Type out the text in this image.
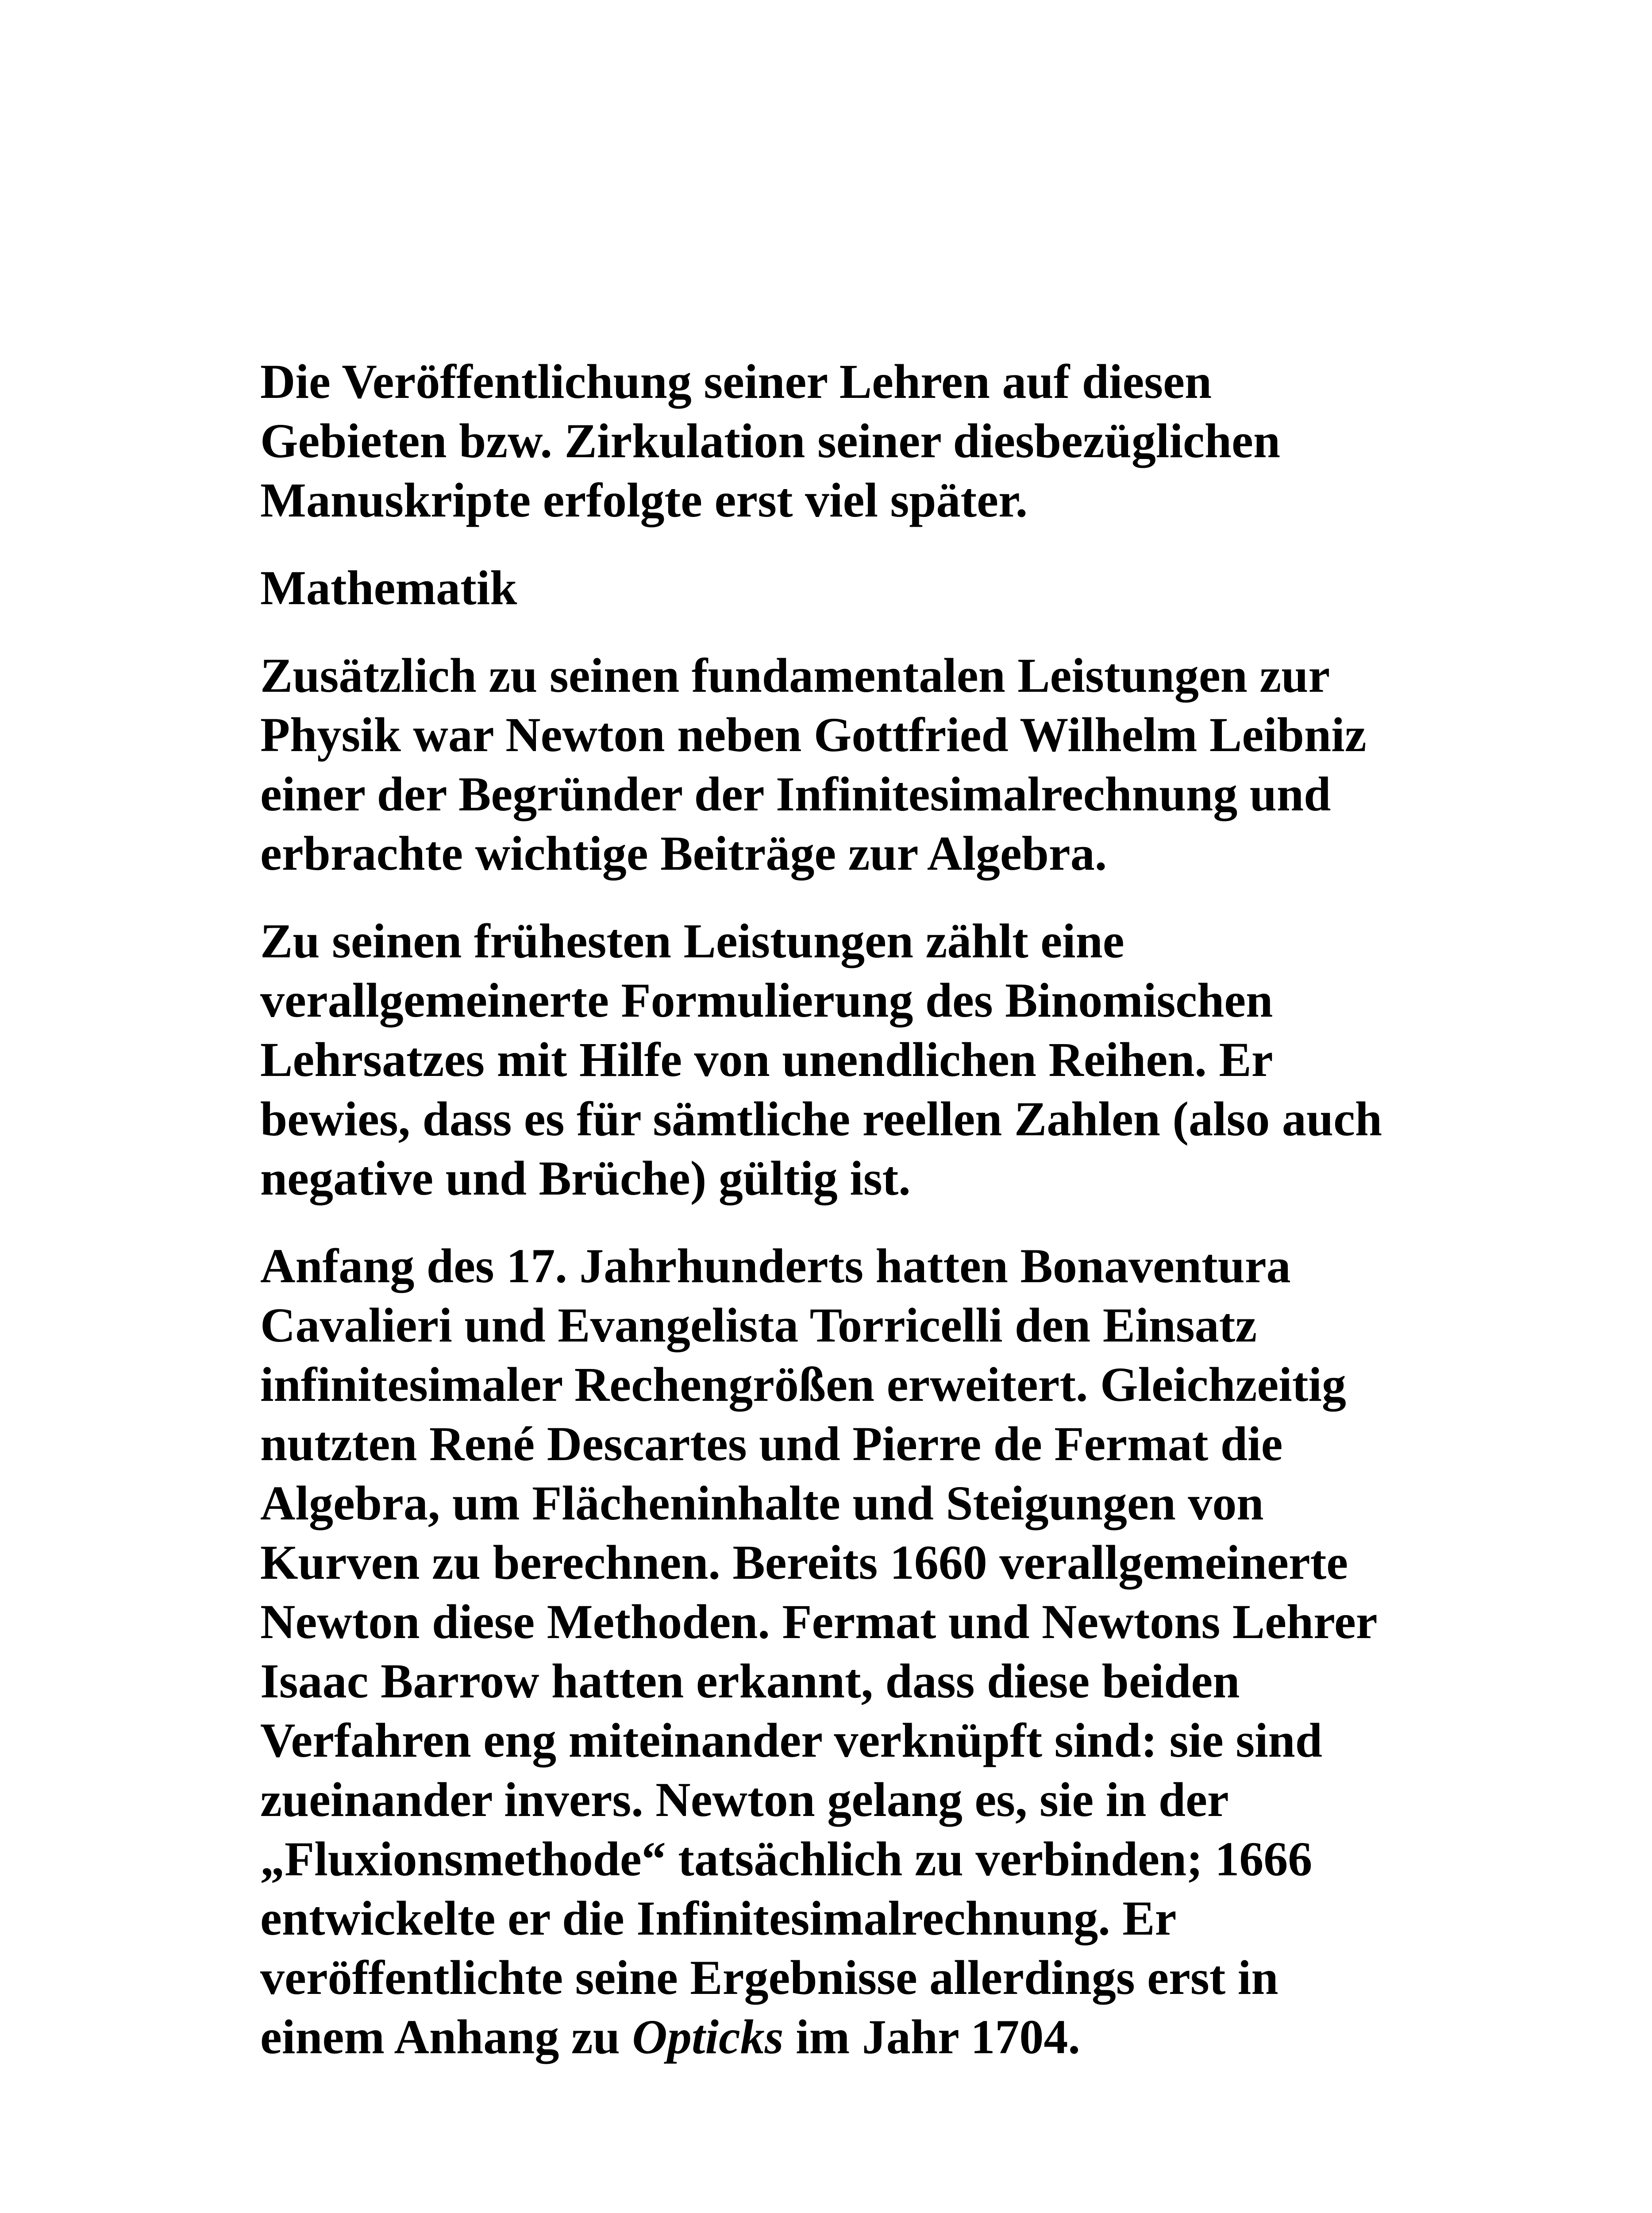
Die Veröffentlichung seiner Lehren auf diesen
Gebieten bzw. Zirkulation seiner diesbezüglichen
Manuskripte erfolgte erst viel später.
Mathematik
Zusätzlich zu seinen fundamentalen Leistungen zur
Physik war Newton neben Gottfried Wilhelm Leibniz
einer der Begründer der Infinitesimalrechnung und
erbrachte wichtige Beiträge zur Algebra.
Zu seinen frühesten Leistungen zählt eine
verallgemeinerte Formulierung des Binomischen
Lehrsatzes mit Hilfe von unendlichen Reihen. Er
bewies, dass es für sämtliche reellen Zahlen (also auch
negative und Brüche) gültig ist.
Anfang des 17. Jahrhunderts hatten Bonaventura
Cavalieri und Evangelista Torricelli den Einsatz
infinitesimaler Rechengrößen erweitert. Gleichzeitig
nutzten René Descartes und Pierre de Fermat die
Algebra, um Flächeninhalte und Steigungen von
Kurven zu berechnen. Bereits 1660 verallgemeinerte
Newton diese Methoden. Fermat und Newtons Lehrer
Isaac Barrow hatten erkannt, dass diese beiden
Verfahren eng miteinander verknüpft sind: sie sind
zueinander invers. Newton gelang es, sie in der
„Fluxionsmethode“ tatsächlich zu verbinden; 1666
entwickelte er die Infinitesimalrechnung. Er
veröffentlichte seine Ergebnisse allerdings erst in
einem Anhang zu Opticks im Jahr 1704.
